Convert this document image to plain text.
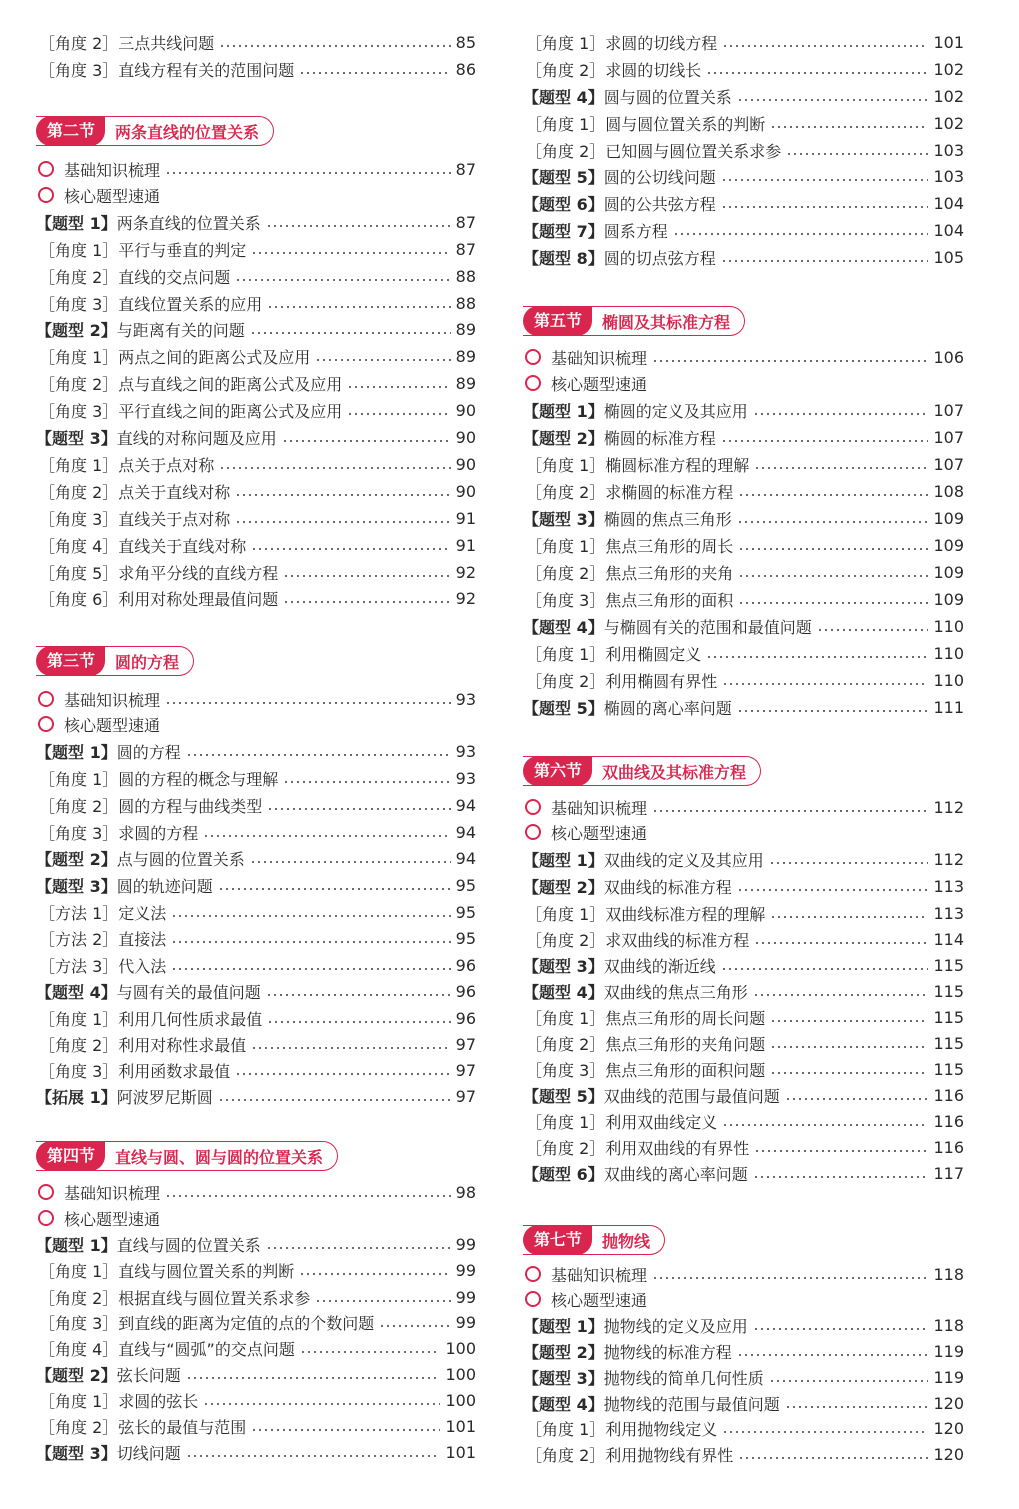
［角度 2］三点共线问题	85
［角度 3］直线方程有关的范围问题	86
第二节	两条直线的位置关系
基础知识梳理	87
核心题型速通
【题型 1】两条直线的位置关系	87
［角度 1］平行与垂直的判定	87
［角度 2］直线的交点问题	88
［角度 3］直线位置关系的应用	88
【题型 2】与距离有关的问题	89
［角度 1］两点之间的距离公式及应用	89
［角度 2］点与直线之间的距离公式及应用	89
［角度 3］平行直线之间的距离公式及应用	90
【题型 3】直线的对称问题及应用	90
［角度 1］点关于点对称	90
［角度 2］点关于直线对称	90
［角度 3］直线关于点对称	91
［角度 4］直线关于直线对称	91
［角度 5］求角平分线的直线方程	92
［角度 6］利用对称处理最值问题	92
第三节	圆的方程
基础知识梳理	93
核心题型速通
【题型 1】圆的方程	93
［角度 1］圆的方程的概念与理解	93
［角度 2］圆的方程与曲线类型	94
［角度 3］求圆的方程	94
【题型 2】点与圆的位置关系	94
【题型 3】圆的轨迹问题	95
［方法 1］定义法	95
［方法 2］直接法	95
［方法 3］代入法	96
【题型 4】与圆有关的最值问题	96
［角度 1］利用几何性质求最值	96
［角度 2］利用对称性求最值	97
［角度 3］利用函数求最值	97
【拓展 1】阿波罗尼斯圆	97
第四节	直线与圆、圆与圆的位置关系
基础知识梳理	98
核心题型速通
【题型 1】直线与圆的位置关系	99
［角度 1］直线与圆位置关系的判断	99
［角度 2］根据直线与圆位置关系求参	99
［角度 3］到直线的距离为定值的点的个数问题	99
［角度 4］直线与“圆弧”的交点问题	100
【题型 2】弦长问题	100
［角度 1］求圆的弦长	100
［角度 2］弦长的最值与范围	101
【题型 3】切线问题	101
［角度 1］求圆的切线方程	101
［角度 2］求圆的切线长	102
【题型 4】圆与圆的位置关系	102
［角度 1］圆与圆位置关系的判断	102
［角度 2］已知圆与圆位置关系求参	103
【题型 5】圆的公切线问题	103
【题型 6】圆的公共弦方程	104
【题型 7】圆系方程	104
【题型 8】圆的切点弦方程	105
第五节	椭圆及其标准方程
基础知识梳理	106
核心题型速通
【题型 1】椭圆的定义及其应用	107
【题型 2】椭圆的标准方程	107
［角度 1］椭圆标准方程的理解	107
［角度 2］求椭圆的标准方程	108
【题型 3】椭圆的焦点三角形	109
［角度 1］焦点三角形的周长	109
［角度 2］焦点三角形的夹角	109
［角度 3］焦点三角形的面积	109
【题型 4】与椭圆有关的范围和最值问题	110
［角度 1］利用椭圆定义	110
［角度 2］利用椭圆有界性	110
【题型 5】椭圆的离心率问题	111
第六节	双曲线及其标准方程
基础知识梳理	112
核心题型速通
【题型 1】双曲线的定义及其应用	112
【题型 2】双曲线的标准方程	113
［角度 1］双曲线标准方程的理解	113
［角度 2］求双曲线的标准方程	114
【题型 3】双曲线的渐近线	115
【题型 4】双曲线的焦点三角形	115
［角度 1］焦点三角形的周长问题	115
［角度 2］焦点三角形的夹角问题	115
［角度 3］焦点三角形的面积问题	115
【题型 5】双曲线的范围与最值问题	116
［角度 1］利用双曲线定义	116
［角度 2］利用双曲线的有界性	116
【题型 6】双曲线的离心率问题	117
第七节	抛物线
基础知识梳理	118
核心题型速通
【题型 1】抛物线的定义及应用	118
【题型 2】抛物线的标准方程	119
【题型 3】抛物线的简单几何性质	119
【题型 4】抛物线的范围与最值问题	120
［角度 1］利用抛物线定义	120
［角度 2］利用抛物线有界性	120
